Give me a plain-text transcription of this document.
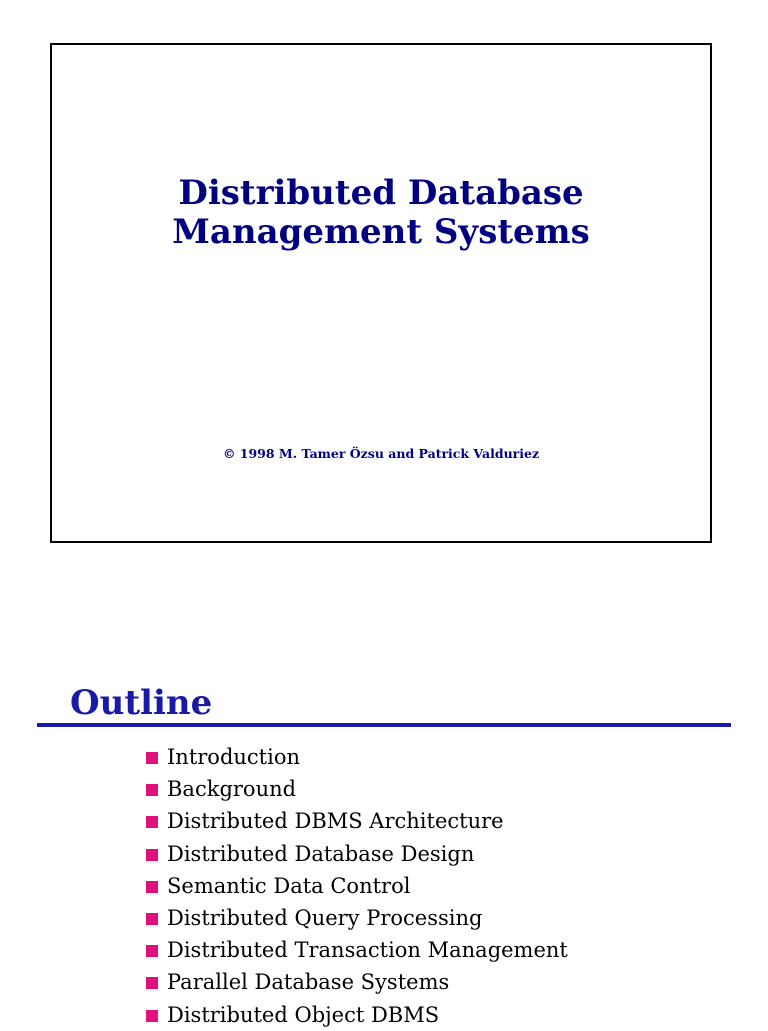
Distributed Database
Management Systems
© 1998 M. Tamer Özsu and Patrick Valduriez
Outline
Introduction
Background
Distributed DBMS Architecture
Distributed Database Design
Semantic Data Control
Distributed Query Processing
Distributed Transaction Management
Parallel Database Systems
Distributed Object DBMS
